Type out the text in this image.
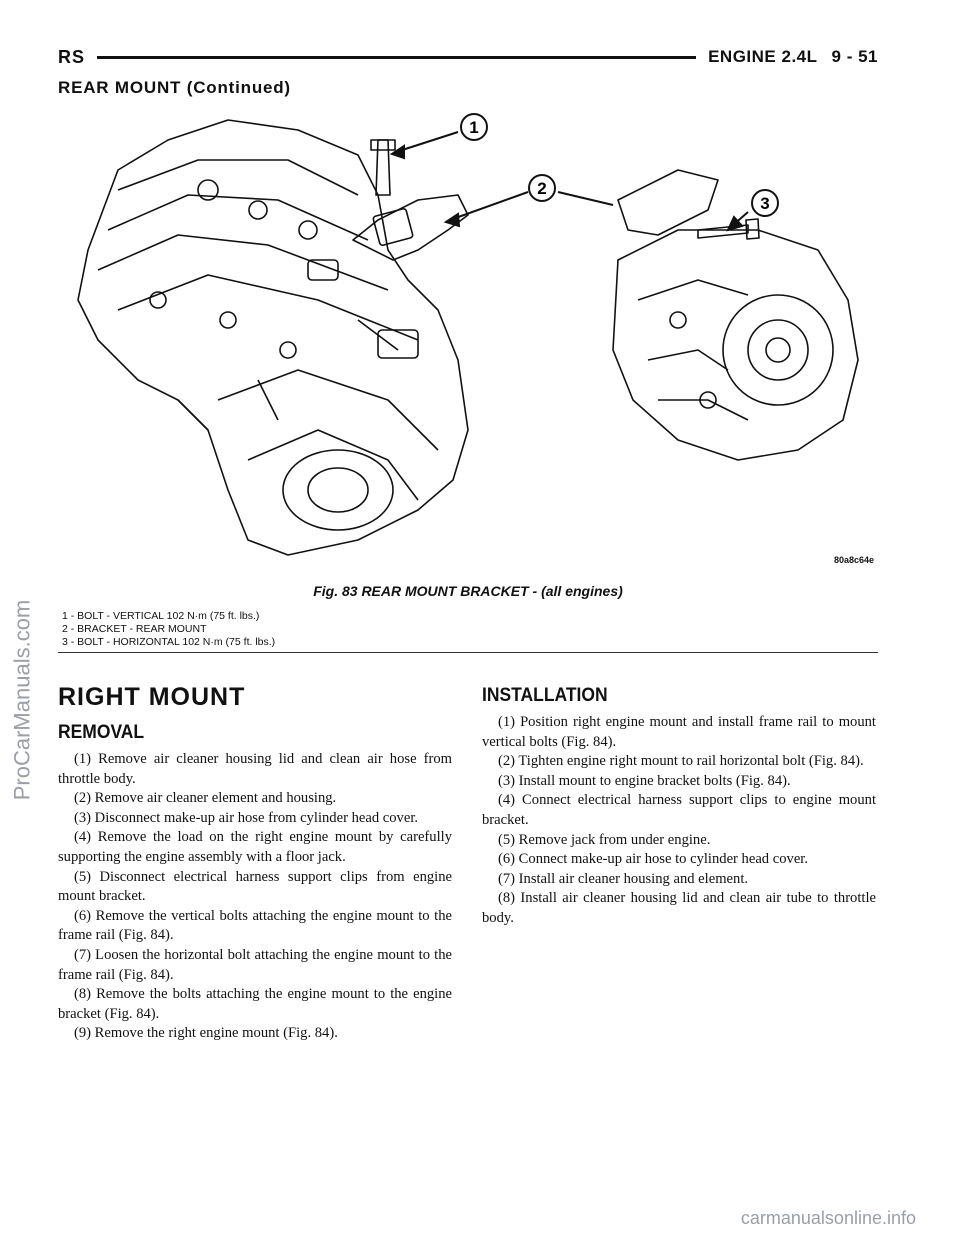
RS	ENGINE 2.4L 9 - 51
REAR MOUNT (Continued)
1
2
3
80a8c64e
Fig. 83 REAR MOUNT BRACKET - (all engines)
1 - BOLT - VERTICAL 102 N·m (75 ft. lbs.)
2 - BRACKET - REAR MOUNT
3 - BOLT - HORIZONTAL 102 N·m (75 ft. lbs.)
RIGHT MOUNT
REMOVAL

(1) Remove air cleaner housing lid and clean air hose from throttle body.

(2) Remove air cleaner element and housing.

(3) Disconnect make-up air hose from cylinder head cover.

(4) Remove the load on the right engine mount by carefully supporting the engine assembly with a floor jack.

(5) Disconnect electrical harness support clips from engine mount bracket.

(6) Remove the vertical bolts attaching the engine mount to the frame rail (Fig. 84).

(7) Loosen the horizontal bolt attaching the engine mount to the frame rail (Fig. 84).

(8) Remove the bolts attaching the engine mount to the engine bracket (Fig. 84).

(9) Remove the right engine mount (Fig. 84).

INSTALLATION

(1) Position right engine mount and install frame rail to mount vertical bolts (Fig. 84).

(2) Tighten engine right mount to rail horizontal bolt (Fig. 84).

(3) Install mount to engine bracket bolts (Fig. 84).

(4) Connect electrical harness support clips to engine mount bracket.

(5) Remove jack from under engine.

(6) Connect make-up air hose to cylinder head cover.

(7) Install air cleaner housing and element.

(8) Install air cleaner housing lid and clean air tube to throttle body.

ProCarManuals.com
carmanualsonline.info
